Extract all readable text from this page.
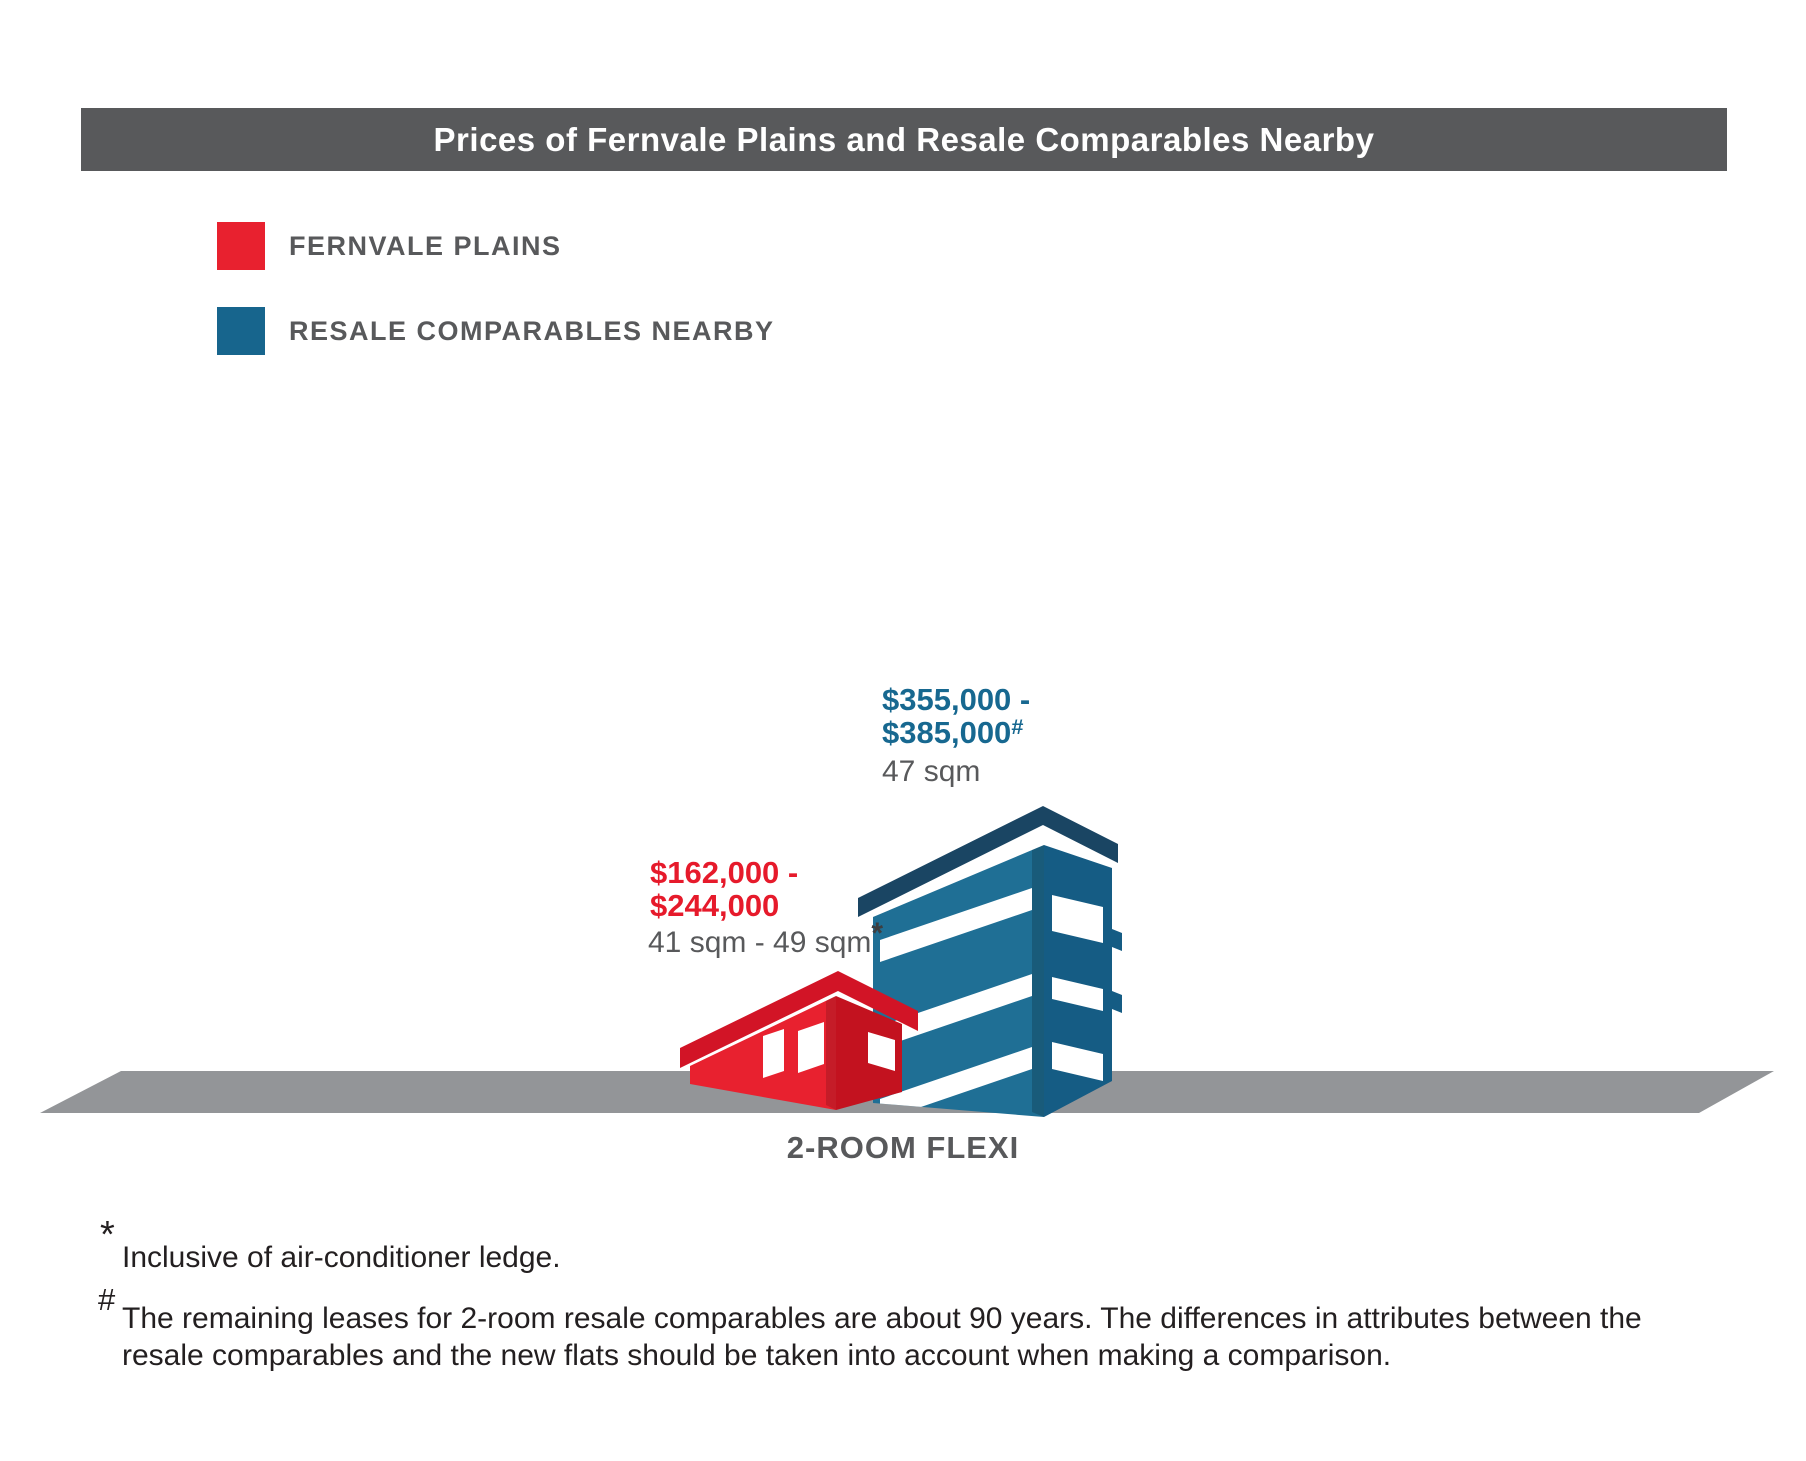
Prices of Fernvale Plains and Resale Comparables Nearby
FERNVALE PLAINS
RESALE COMPARABLES NEARBY
$355,000 -
$385,000#
47 sqm
$162,000 -
$244,000
41 sqm - 49 sqm*
2-ROOM FLEXI
*
Inclusive of air-conditioner ledge.
#
The remaining leases for 2-room resale comparables are about 90 years. The differences in attributes between the
resale comparables and the new flats should be taken into account when making a comparison.
